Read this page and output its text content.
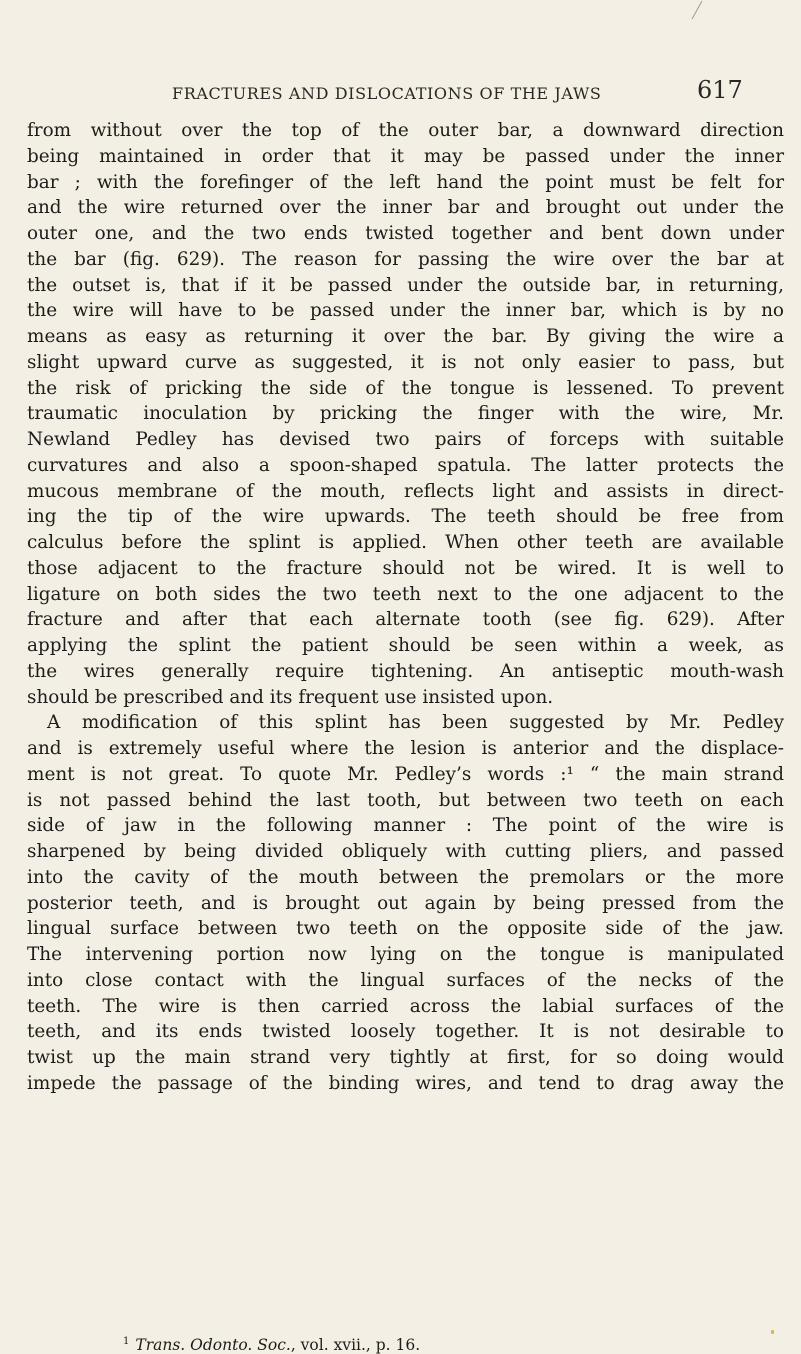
FRACTURES AND DISLOCATIONS OF THE JAWS	617
from without over the top of the outer bar, a downward direction
being maintained in order that it may be passed under the inner
bar ; with the forefinger of the left hand the point must be felt for
and the wire returned over the inner bar and brought out under the
outer one, and the two ends twisted together and bent down under
the bar (fig. 629). The reason for passing the wire over the bar at
the outset is, that if it be passed under the outside bar, in returning,
the wire will have to be passed under the inner bar, which is by no
means as easy as returning it over the bar. By giving the wire a
slight upward curve as suggested, it is not only easier to pass, but
the risk of pricking the side of the tongue is lessened. To prevent
traumatic inoculation by pricking the finger with the wire, Mr.
Newland Pedley has devised two pairs of forceps with suitable
curvatures and also a spoon-shaped spatula. The latter protects the
mucous membrane of the mouth, reflects light and assists in direct-
ing the tip of the wire upwards. The teeth should be free from
calculus before the splint is applied. When other teeth are available
those adjacent to the fracture should not be wired. It is well to
ligature on both sides the two teeth next to the one adjacent to the
fracture and after that each alternate tooth (see fig. 629). After
applying the splint the patient should be seen within a week, as
the wires generally require tightening. An antiseptic mouth-wash
should be prescribed and its frequent use insisted upon.
A modification of this splint has been suggested by Mr. Pedley
and is extremely useful where the lesion is anterior and the displace-
ment is not great. To quote Mr. Pedley’s words :¹ “ the main strand
is not passed behind the last tooth, but between two teeth on each
side of jaw in the following manner : The point of the wire is
sharpened by being divided obliquely with cutting pliers, and passed
into the cavity of the mouth between the premolars or the more
posterior teeth, and is brought out again by being pressed from the
lingual surface between two teeth on the opposite side of the jaw.
The intervening portion now lying on the tongue is manipulated
into close contact with the lingual surfaces of the necks of the
teeth. The wire is then carried across the labial surfaces of the
teeth, and its ends twisted loosely together. It is not desirable to
twist up the main strand very tightly at first, for so doing would
impede the passage of the binding wires, and tend to drag away the
$^1$ Trans. Odonto. Soc., vol. xvii., p. 16.
